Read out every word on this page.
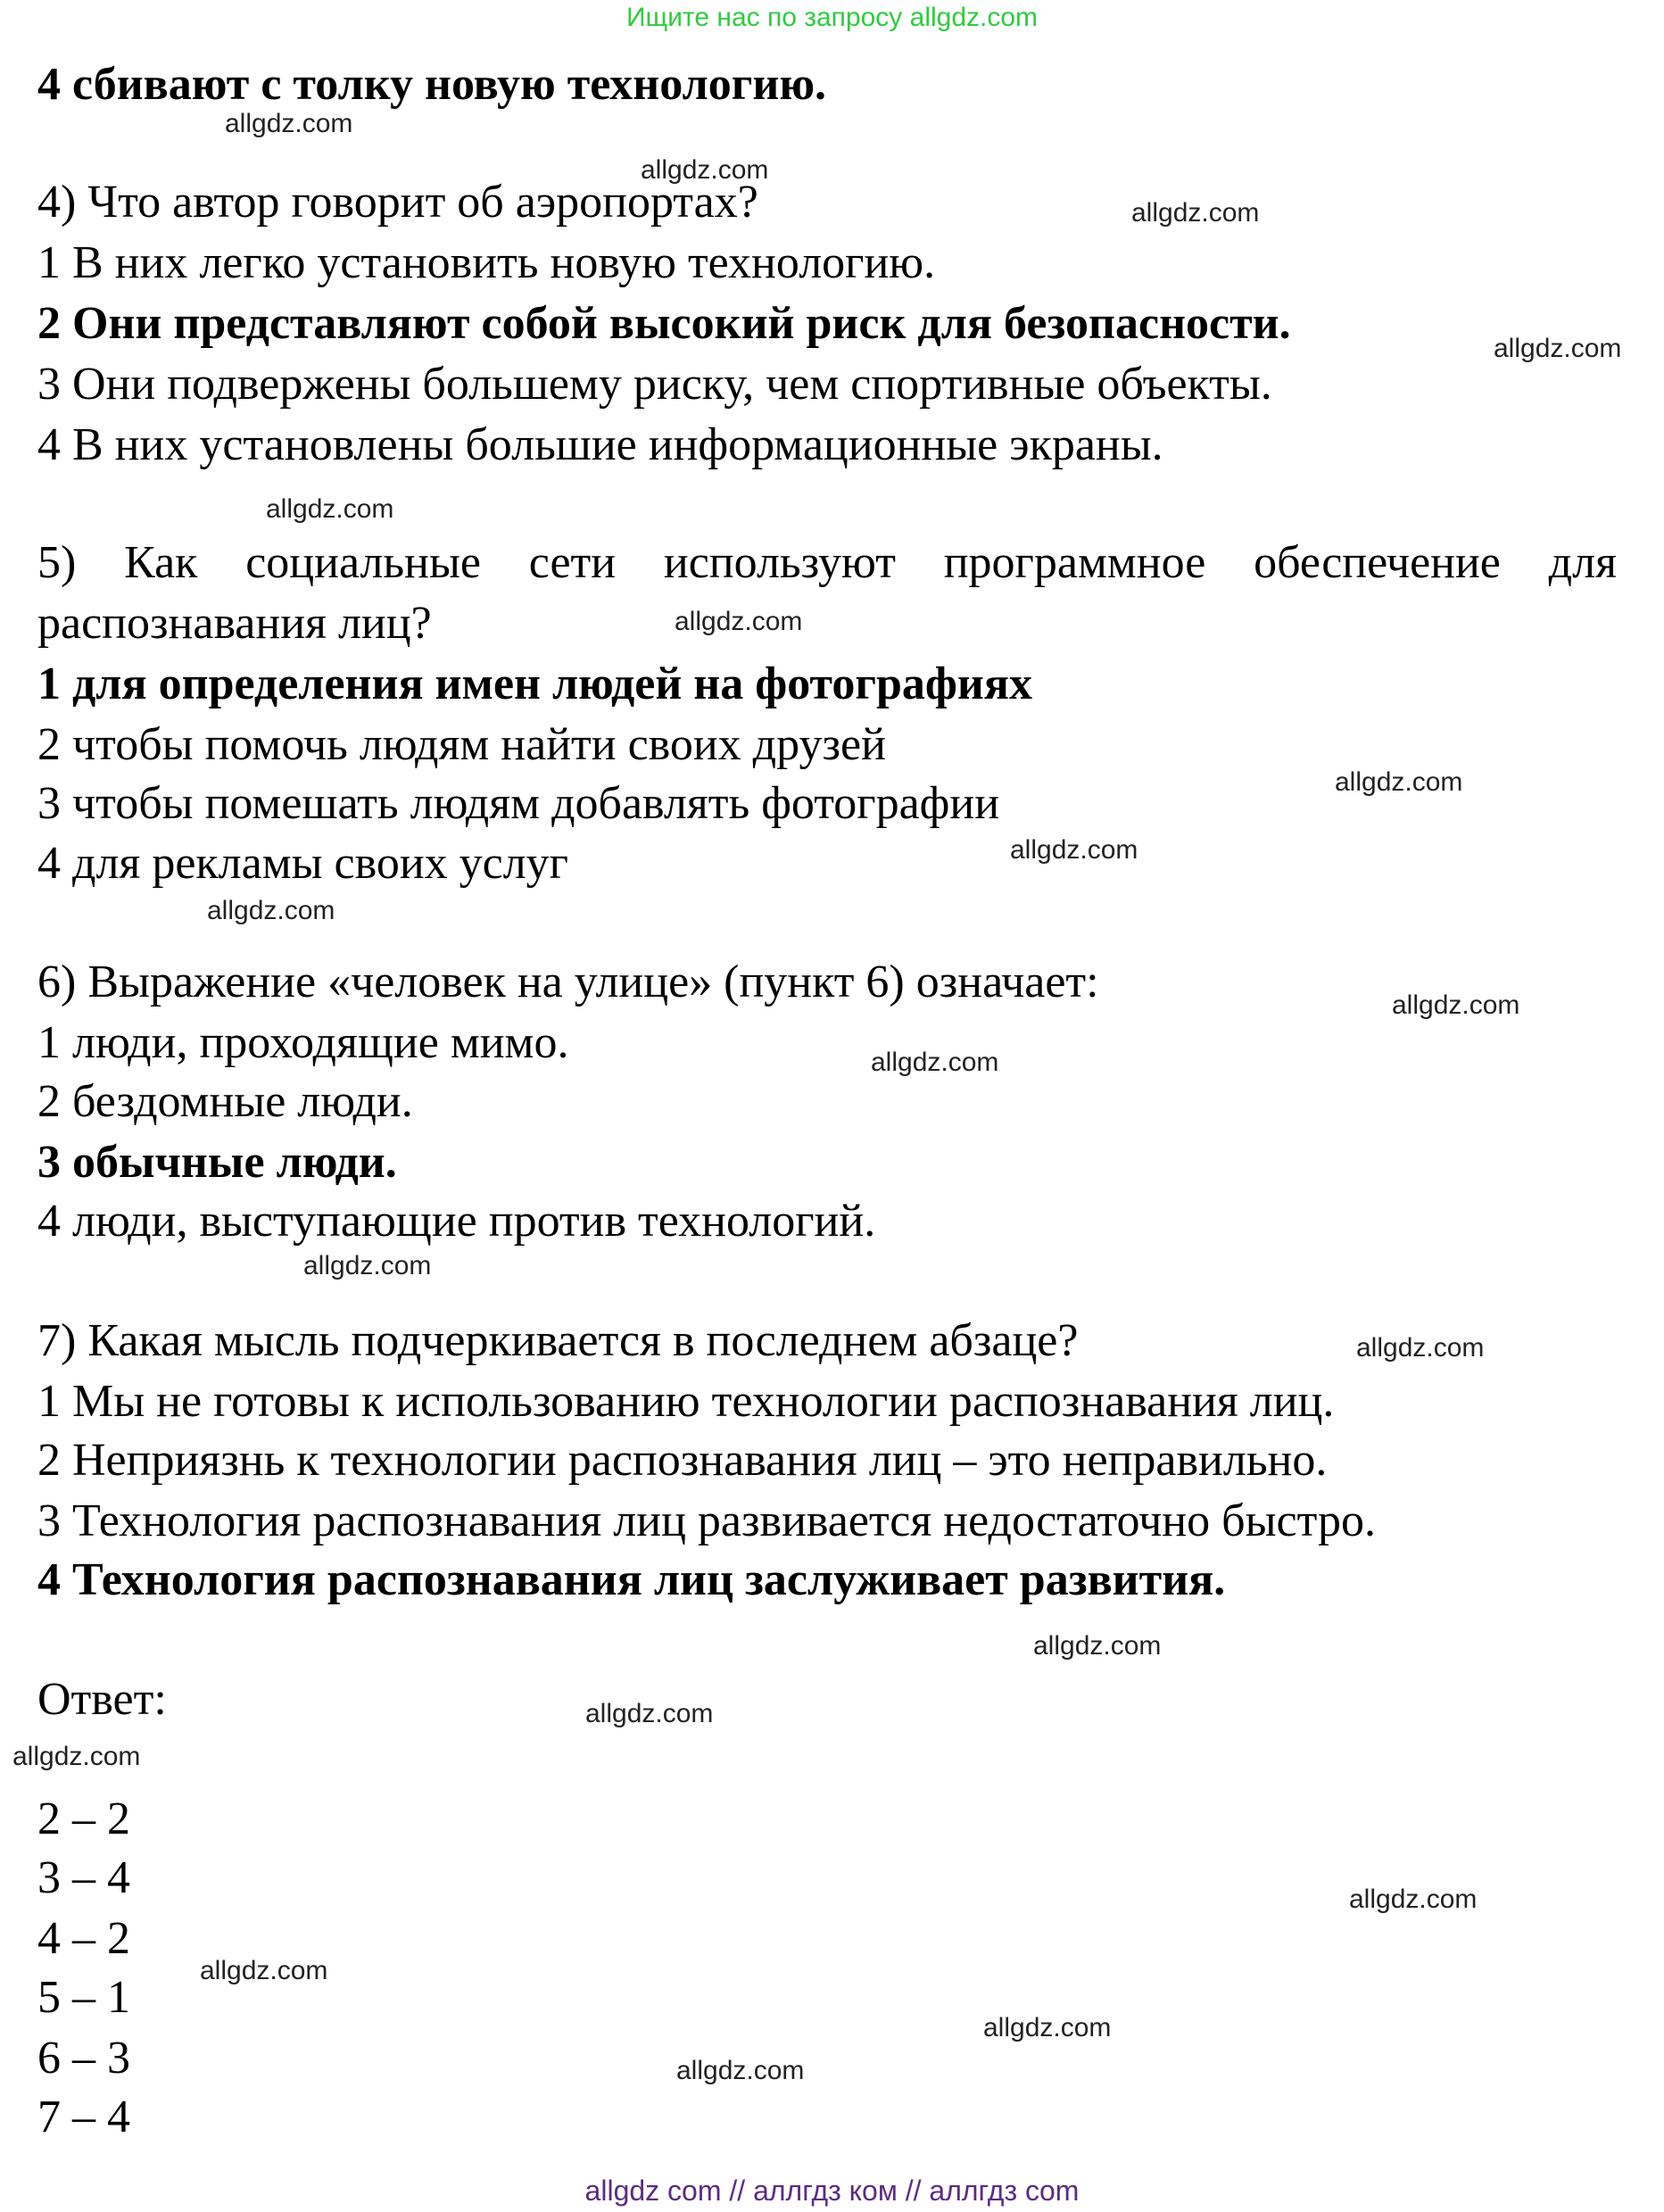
Ищите нас по запросу allgdz.com

4 сбивают с толку новую технологию.

4) Что автор говорит об аэропортах?

1 В них легко установить новую технологию.

2 Они представляют собой высокий риск для безопасности.

3 Они подвержены большему риску, чем спортивные объекты.

4 В них установлены большие информационные экраны.

5) Как социальные сети используют программное обеспечение для

распознавания лиц?

1 для определения имен людей на фотографиях

2 чтобы помочь людям найти своих друзей

3 чтобы помешать людям добавлять фотографии

4 для рекламы своих услуг

6) Выражение «человек на улице» (пункт 6) означает:

1 люди, проходящие мимо.

2 бездомные люди.

3 обычные люди.

4 люди, выступающие против технологий.

7) Какая мысль подчеркивается в последнем абзаце?

1 Мы не готовы к использованию технологии распознавания лиц.

2 Неприязнь к технологии распознавания лиц – это неправильно.

3 Технология распознавания лиц развивается недостаточно быстро.

4 Технология распознавания лиц заслуживает развития.

Ответ:

2 – 2

3 – 4

4 – 2

5 – 1

6 – 3

7 – 4

allgdz.com
allgdz.com
allgdz.com
allgdz.com
allgdz.com
allgdz.com
allgdz.com
allgdz.com
allgdz.com
allgdz.com
allgdz.com
allgdz.com
allgdz.com
allgdz.com
allgdz.com
allgdz.com
allgdz.com
allgdz.com
allgdz.com
allgdz.com
allgdz com // аллгдз ком // аллгдз com
